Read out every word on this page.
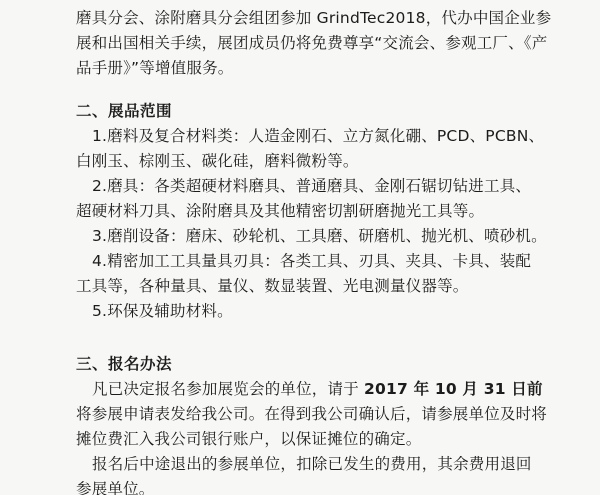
磨具分会、涂附磨具分会组团参加 GrindTec2018，代办中国企业参
展和出国相关手续，展团成员仍将免费尊享“交流会、参观工厂、《产
品手册》”等增值服务。
二、展品范围
1.磨料及复合材料类：人造金刚石、立方氮化硼、PCD、PCBN、
白刚玉、棕刚玉、碳化硅，磨料微粉等。
2.磨具：各类超硬材料磨具、普通磨具、金刚石锯切钻进工具、
超硬材料刀具、涂附磨具及其他精密切割研磨抛光工具等。
3.磨削设备：磨床、砂轮机、工具磨、研磨机、抛光机、喷砂机。
4.精密加工工具量具刃具：各类工具、刃具、夹具、卡具、装配
工具等，各种量具、量仪、数显装置、光电测量仪器等。
5.环保及辅助材料。
三、报名办法
凡已决定报名参加展览会的单位，请于 2017 年 10 月 31 日前
将参展申请表发给我公司。在得到我公司确认后，请参展单位及时将
摊位费汇入我公司银行账户，以保证摊位的确定。
报名后中途退出的参展单位，扣除已发生的费用，其余费用退回
参展单位。
